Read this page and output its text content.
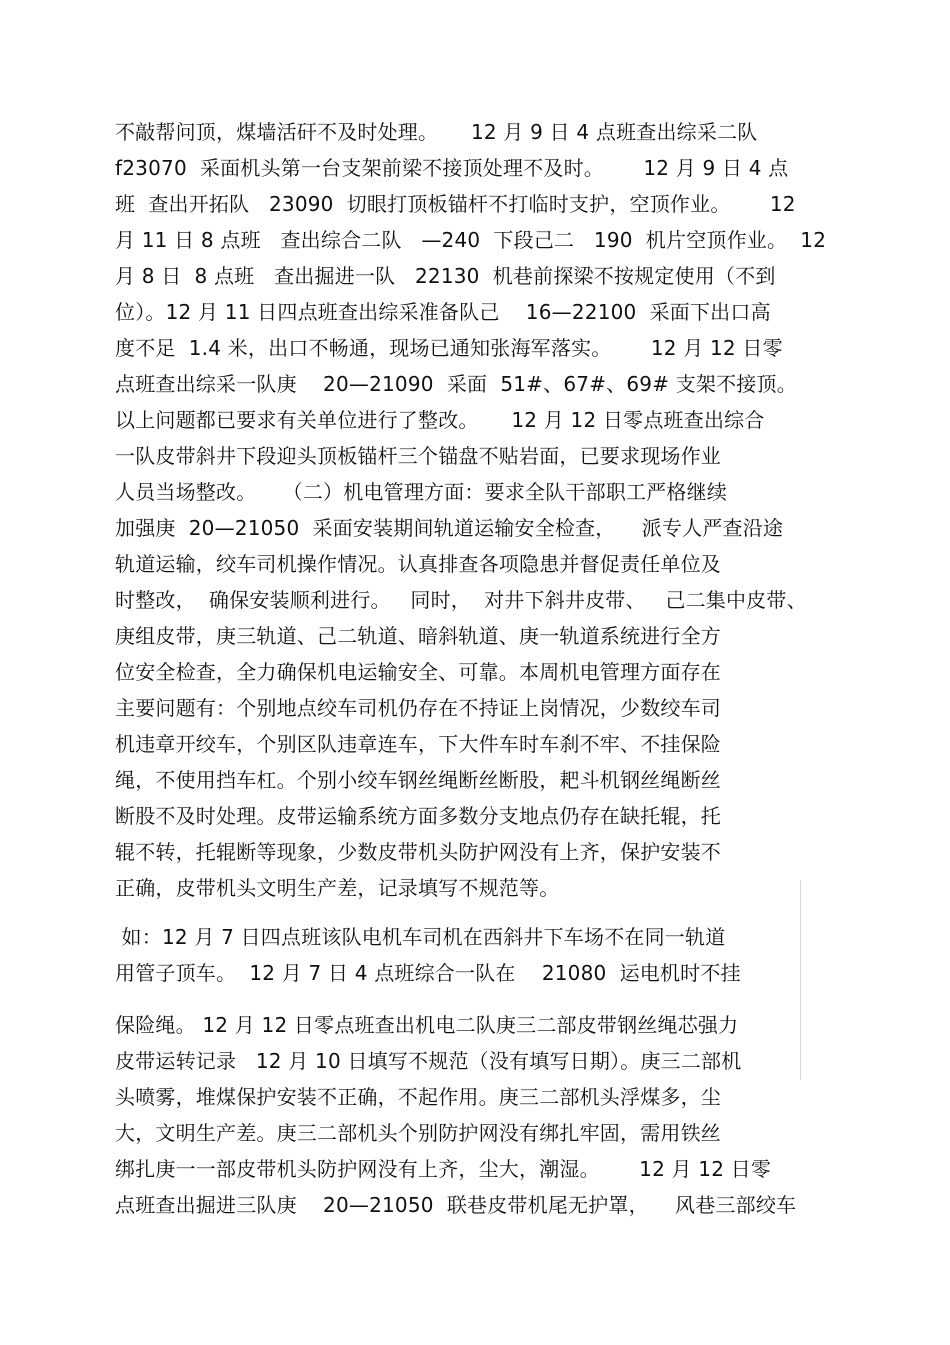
不敲帮问顶，煤墙活矸不及时处理。     12 月 9 日 4 点班查出综采二队
f23070  采面机头第一台支架前梁不接顶处理不及时。      12 月 9 日 4 点
班  查出开拓队   23090  切眼打顶板锚杆不打临时支护，空顶作业。      12
月 11 日 8 点班   查出综合二队   —240  下段己二   190  机片空顶作业。  12
月 8 日  8 点班   查出掘进一队   22130  机巷前探梁不按规定使用（不到
位）。12 月 11 日四点班查出综采准备队己    16—22100  采面下出口高
度不足  1.4 米，出口不畅通，现场已通知张海军落实。      12 月 12 日零
点班查出综采一队庚    20—21090  采面  51#、67#、69# 支架不接顶。
以上问题都已要求有关单位进行了整改。     12 月 12 日零点班查出综合
一队皮带斜井下段迎头顶板锚杆三个锚盘不贴岩面，已要求现场作业
人员当场整改。    （二）机电管理方面：要求全队干部职工严格继续
加强庚  20—21050  采面安装期间轨道运输安全检查，    派专人严查沿途
轨道运输，绞车司机操作情况。认真排查各项隐患并督促责任单位及
时整改，  确保安装顺利进行。   同时，  对井下斜井皮带、   己二集中皮带、
庚组皮带，庚三轨道、己二轨道、暗斜轨道、庚一轨道系统进行全方
位安全检查，全力确保机电运输安全、可靠。本周机电管理方面存在
主要问题有：个别地点绞车司机仍存在不持证上岗情况，少数绞车司
机违章开绞车，个别区队违章连车，下大件车时车刹不牢、不挂保险
绳，不使用挡车杠。个别小绞车钢丝绳断丝断股，耙斗机钢丝绳断丝
断股不及时处理。皮带运输系统方面多数分支地点仍存在缺托辊，托
辊不转，托辊断等现象，少数皮带机头防护网没有上齐，保护安装不
正确，皮带机头文明生产差，记录填写不规范等。
如：12 月 7 日四点班该队电机车司机在西斜井下车场不在同一轨道
用管子顶车。  12 月 7 日 4 点班综合一队在    21080  运电机时不挂
保险绳。 12 月 12 日零点班查出机电二队庚三二部皮带钢丝绳芯强力
皮带运转记录   12 月 10 日填写不规范（没有填写日期）。庚三二部机
头喷雾，堆煤保护安装不正确，不起作用。庚三二部机头浮煤多，尘
大，文明生产差。庚三二部机头个别防护网没有绑扎牢固，需用铁丝
绑扎庚一一部皮带机头防护网没有上齐，尘大，潮湿。      12 月 12 日零
点班查出掘进三队庚    20—21050  联巷皮带机尾无护罩，    风巷三部绞车
